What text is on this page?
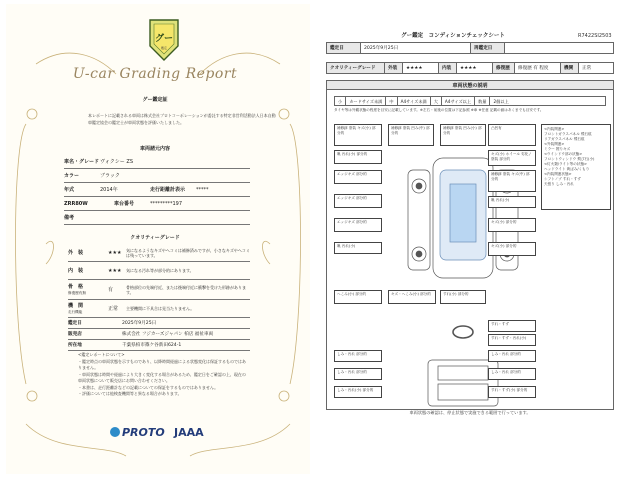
グー
鑑定
U-car Grading Report
グー鑑定証
本レポートに記載される車両は株式会社プロトコーポレーションが委託する特定非営利活動法人日本自動車鑑定協会の鑑定士が車両状態を評価いたしました。
車両諸元内容
車名・グレード ヴォクシー ZS
カラー	ブラック
年式	2014年	走行距離計表示	*****
ZRR80W	車台番号	*********197
備考
クオリティーグレード
外　装	★★★	気になるようなキズやヘコミは補修済みですが、小さなキズやヘコミは残っています。
内　装	★★★	気になる汚れ等が部分的にあります。
骨　格
修復歴有無	有	骨格部位の先端付近、または後端付近に衝撃を受けた形跡があります。
機　関
走行機能	正常	主要機関に不具合は見当たりません。
鑑定日	2025年9月25日
販売店	株式会社 フジカーズジャパン 柏店 福祉車両
所在地	千葉県柏市篠ケ谷新田624-1
<鑑定レポートについて>
・鑑定時点の車両状態を示すものであり、以降時間経過による状態変化は保証するものではありません。
・車両状態は時間や経過により大きく変化する場合があるため、鑑定日をご確認の上、現在の車両状態について販売店にお問い合わせください。
・本書は、走行距離計などの記載についての保証をするものではありません。
・評価については他検査機関等と異なる場合があります。
PROTO JAAA
R7422SI2503
グー鑑定　コンディションチェックシート
鑑定日	2025年9月25日	再鑑定日	
クオリティーグレード	外装	★★★★	内装	★★★★	修復歴	修復歴 有 程度	機関	正常
車両状態の説明
小	カードサイズ未満	中	A4サイズ未満	大	A4サイズ以上	数量	2個以上
タイヤ等は外観状態の程度を目安に記載しています。※左右・前後の位置は下記参照 ※車 ※任意 記載の値はあくまでも目安です。
補修跡 塗装 キズ(小) 部分的
補修跡 塗装 凹み(中) 部分的
補修跡 塗装 凹み(小) 部分的
凸凹有
亀 汚れ(小) 部分的	キズ(小) ホイール 劣化 / 塗装 部分的
エッジキズ 部分的	補修跡 塗装 キズ(中) 部分的
エッジキズ 部分的	亀 汚れ(小)
エッジキズ 部分的	キズ(小) 部分的
亀 汚れ(小)	キズ(小) 部分的
へこみ(小) 部分的	キズ・へこみ(小) 部分的	すれ(小) 部分的
すれ・すず
すれ・すず・汚れ(小)
しみ・汚れ 部分的	しみ・汚れ 部分的
しみ・汚れ 部分的	しみ・汚れ 部分的
しみ・汚れ(小) 部分的	すれ・すず(小) 部分的
<内装関連>
フロントガラスパネル 飛石痕
リアガラスパネル 飛石痕
<外装関連>
ミラー 擦りキズ
<ウインドウ部の状態>
フロントウィンドウ 飛び石(小)
<灯火類/ライト等の状態>
ヘッドライト 黄ばみ/くもり
<内装関連状態>
シフトノブ すれ・すず
天張り しみ・汚れ
車両状態の確認は、停止状態で実施できる範囲で行っています。
